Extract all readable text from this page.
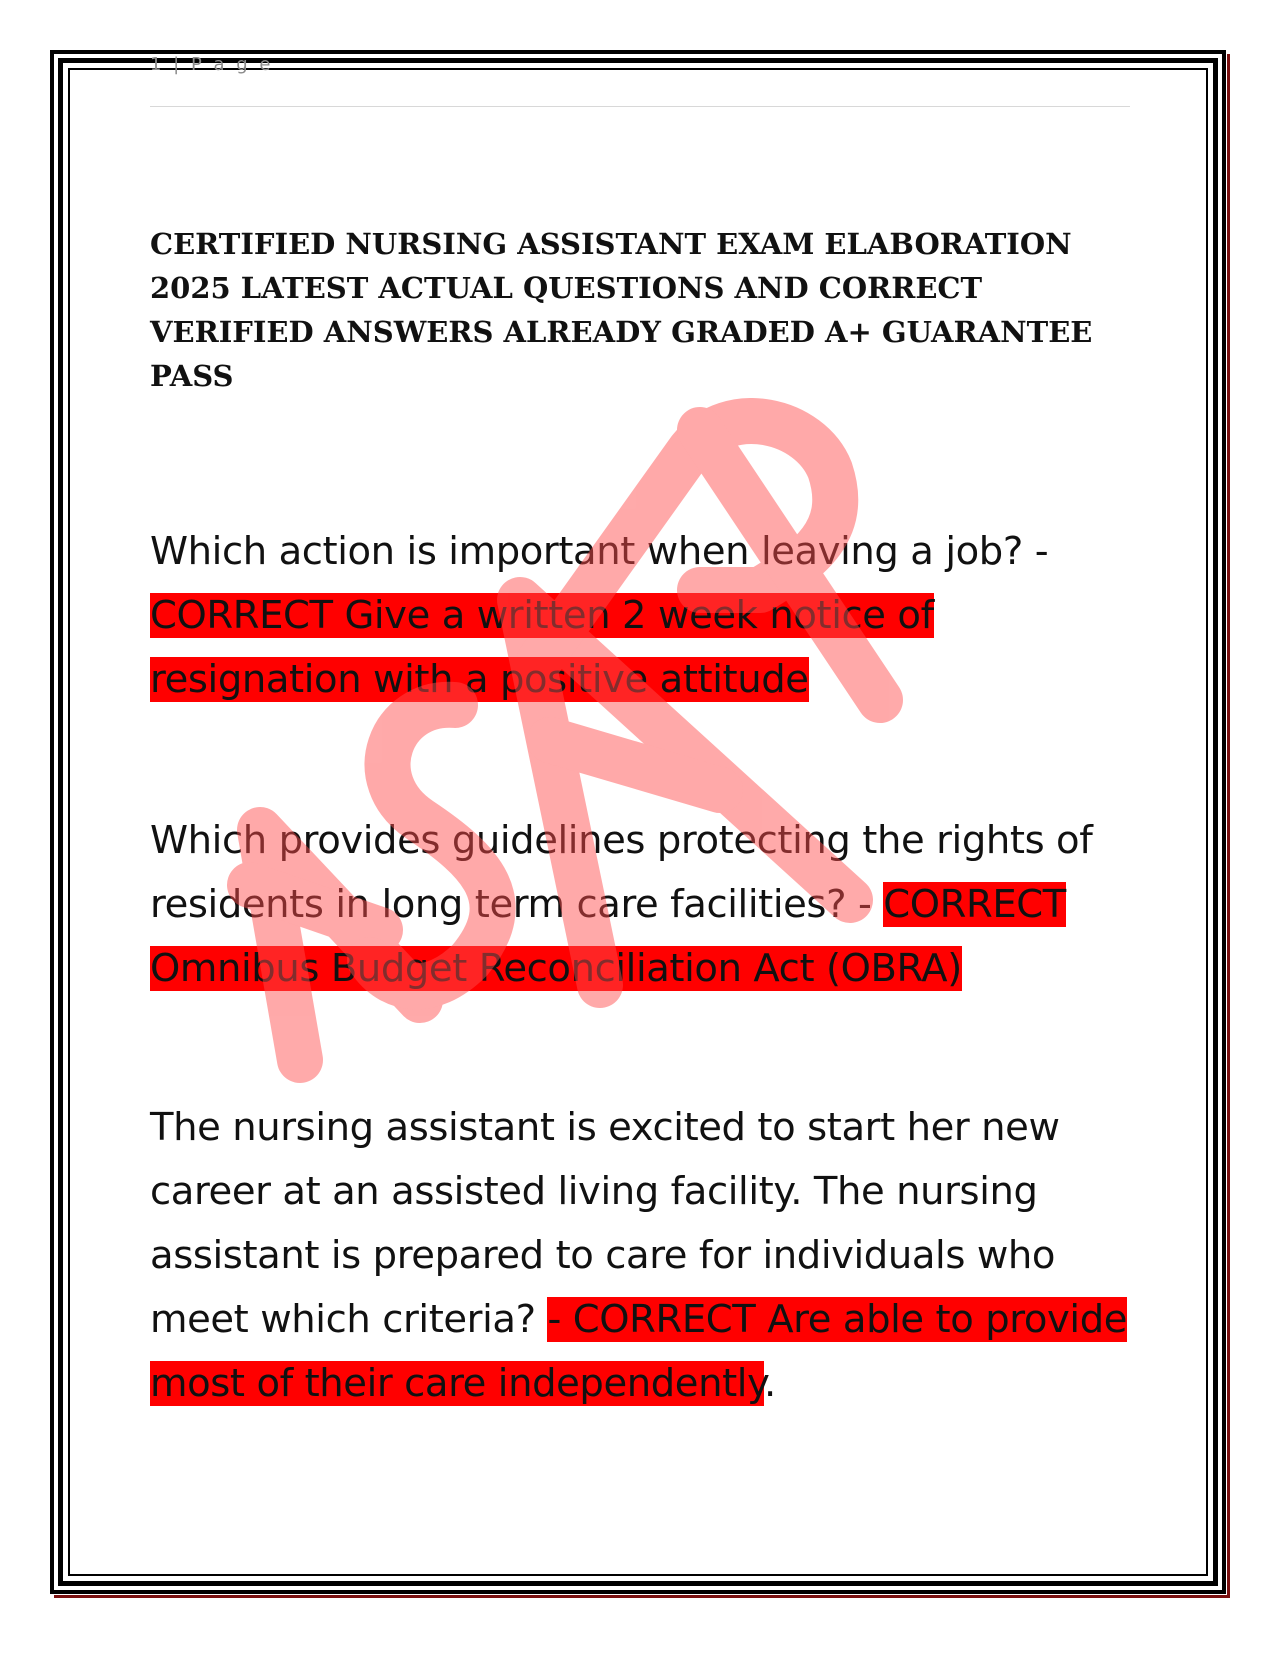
1 | P a g e
CERTIFIED NURSING ASSISTANT EXAM ELABORATION 2025 LATEST ACTUAL QUESTIONS AND CORRECT VERIFIED ANSWERS ALREADY GRADED A+ GUARANTEE PASS

Which action is important when leaving a job? - CORRECT Give a written 2 week notice of resignation with a positive attitude

Which provides guidelines protecting the rights of residents in long term care facilities? - CORRECT Omnibus Budget Reconciliation Act (OBRA)

The nursing assistant is excited to start her new career at an assisted living facility. The nursing assistant is prepared to care for individuals who meet which criteria? - CORRECT Are able to provide most of their care independently.
